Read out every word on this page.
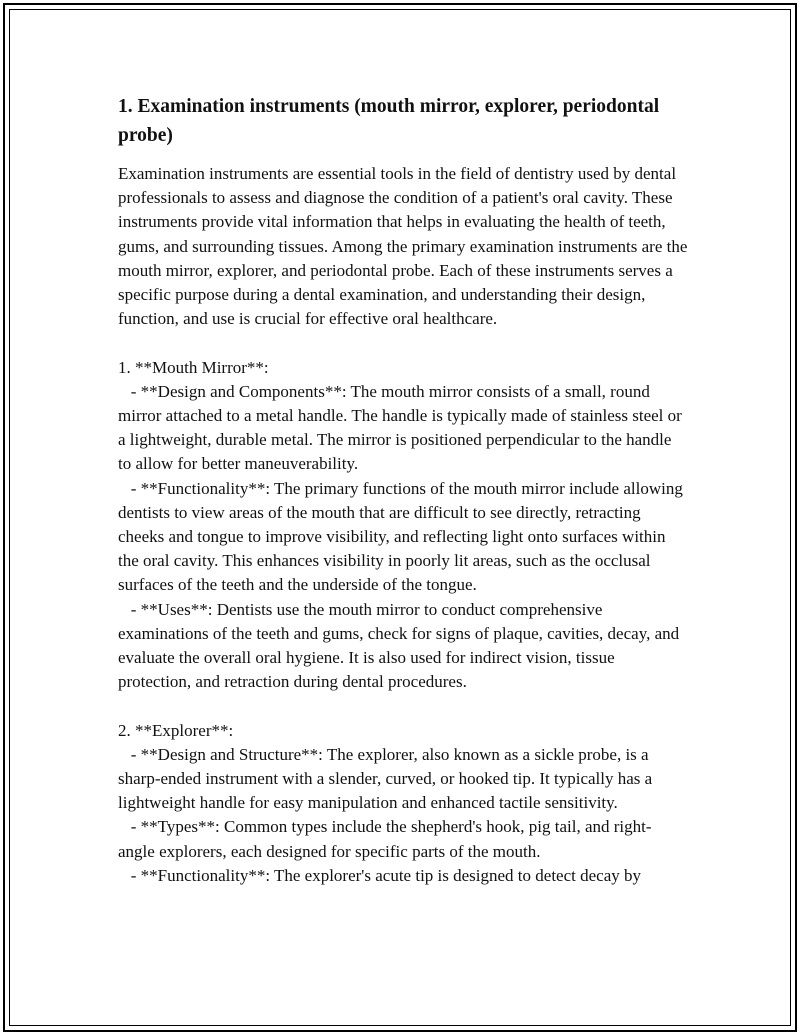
1. Examination instruments (mouth mirror, explorer, periodontal probe)

Examination instruments are essential tools in the field of dentistry used by dental professionals to assess and diagnose the condition of a patient's oral cavity. These instruments provide vital information that helps in evaluating the health of teeth, gums, and surrounding tissues. Among the primary examination instruments are the mouth mirror, explorer, and periodontal probe. Each of these instruments serves a specific purpose during a dental examination, and understanding their design, function, and use is crucial for effective oral healthcare.

1. **Mouth Mirror**:

- **Design and Components**: The mouth mirror consists of a small, round mirror attached to a metal handle. The handle is typically made of stainless steel or a lightweight, durable metal. The mirror is positioned perpendicular to the handle to allow for better maneuverability.

- **Functionality**: The primary functions of the mouth mirror include allowing dentists to view areas of the mouth that are difficult to see directly, retracting cheeks and tongue to improve visibility, and reflecting light onto surfaces within the oral cavity. This enhances visibility in poorly lit areas, such as the occlusal surfaces of the teeth and the underside of the tongue.

- **Uses**: Dentists use the mouth mirror to conduct comprehensive examinations of the teeth and gums, check for signs of plaque, cavities, decay, and evaluate the overall oral hygiene. It is also used for indirect vision, tissue protection, and retraction during dental procedures.

2. **Explorer**:

- **Design and Structure**: The explorer, also known as a sickle probe, is a sharp-ended instrument with a slender, curved, or hooked tip. It typically has a lightweight handle for easy manipulation and enhanced tactile sensitivity.

- **Types**: Common types include the shepherd's hook, pig tail, and right-angle explorers, each designed for specific parts of the mouth.

- **Functionality**: The explorer's acute tip is designed to detect decay by
